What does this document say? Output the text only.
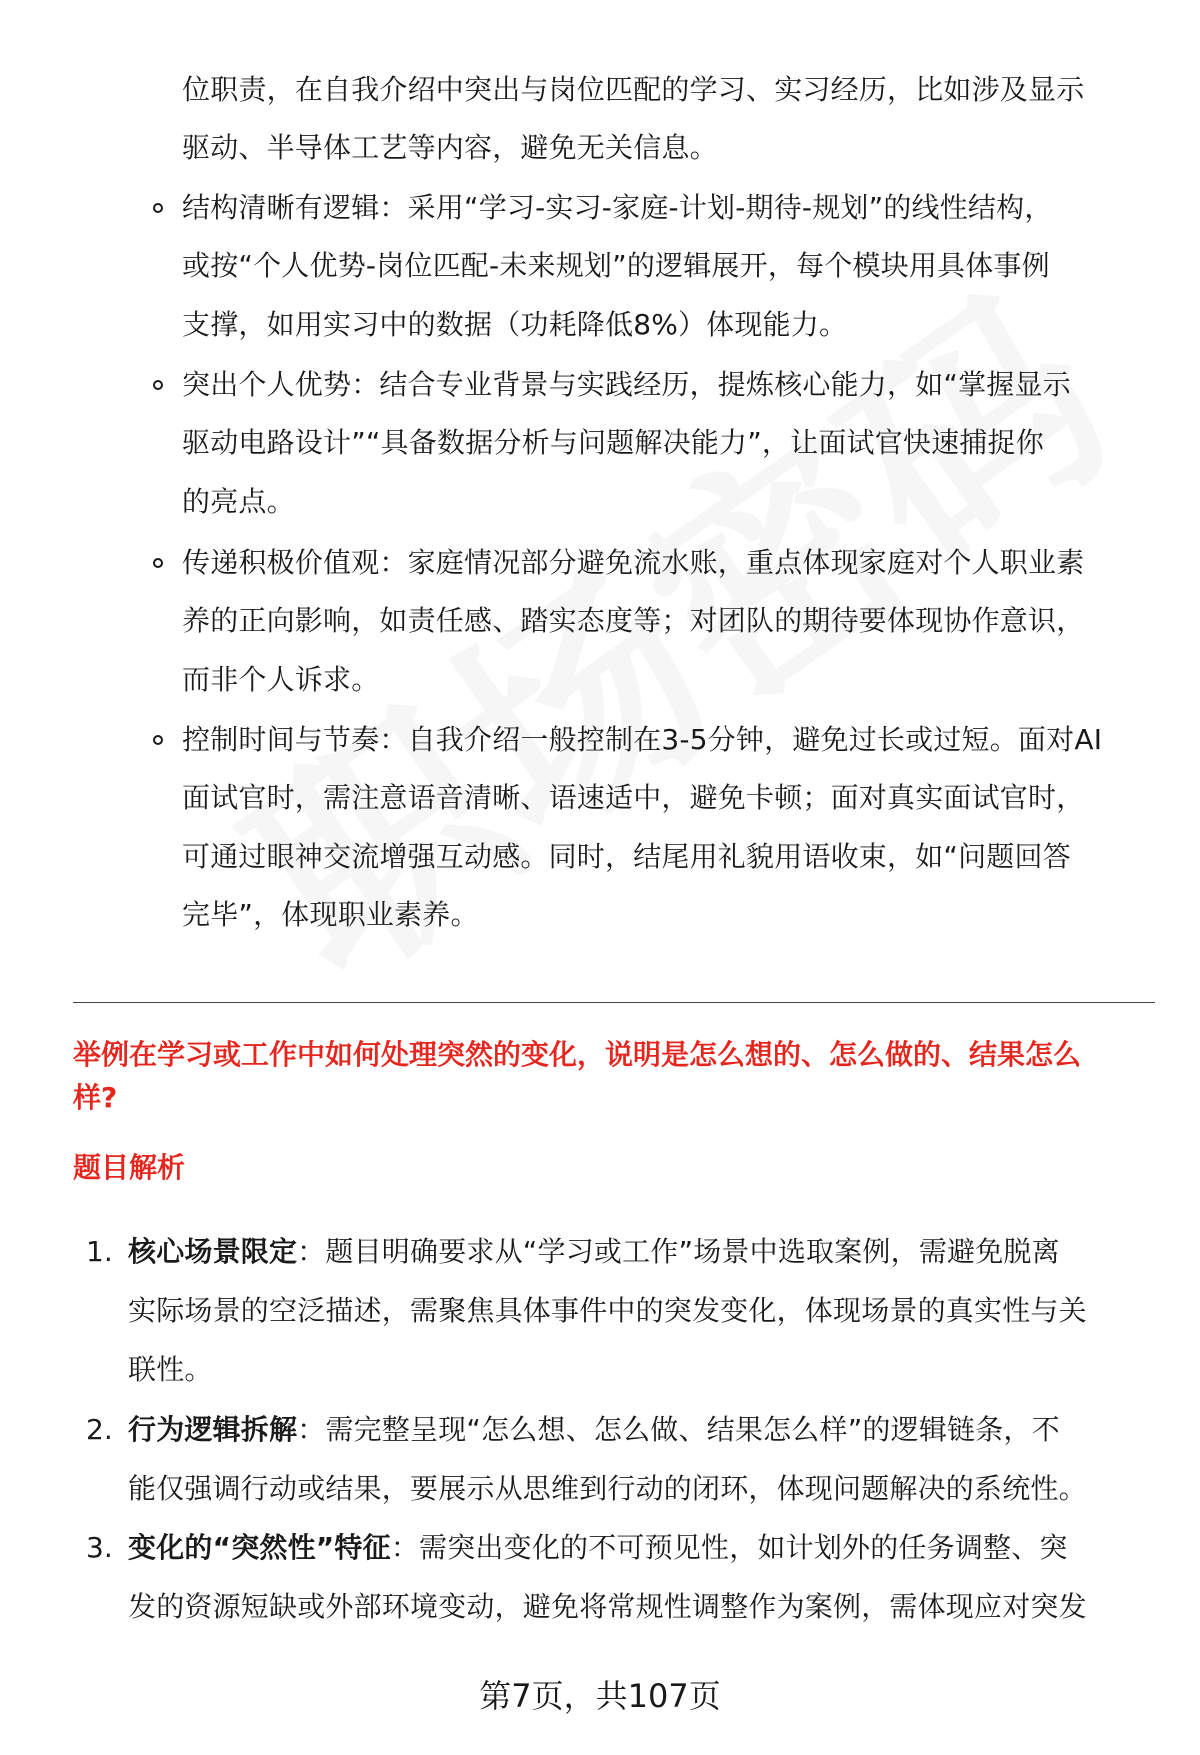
位职责，在自我介绍中突出与岗位匹配的学习、实习经历，比如涉及显示
驱动、半导体工艺等内容，避免无关信息。
结构清晰有逻辑：采用“学习-实习-家庭-计划-期待-规划”的线性结构，
或按“个人优势-岗位匹配-未来规划”的逻辑展开，每个模块用具体事例
支撑，如用实习中的数据（功耗降低8%）体现能力。
突出个人优势：结合专业背景与实践经历，提炼核心能力，如“掌握显示
驱动电路设计”“具备数据分析与问题解决能力”，让面试官快速捕捉你
的亮点。
传递积极价值观：家庭情况部分避免流水账，重点体现家庭对个人职业素
养的正向影响，如责任感、踏实态度等；对团队的期待要体现协作意识，
而非个人诉求。
控制时间与节奏：自我介绍一般控制在3-5分钟，避免过长或过短。面对AI
面试官时，需注意语音清晰、语速适中，避免卡顿；面对真实面试官时，
可通过眼神交流增强互动感。同时，结尾用礼貌用语收束，如“问题回答
完毕”，体现职业素养。
举例在学习或工作中如何处理突然的变化，说明是怎么想的、怎么做的、结果怎么
样?
题目解析
1. 核心场景限定：题目明确要求从“学习或工作”场景中选取案例，需避免脱离
实际场景的空泛描述，需聚焦具体事件中的突发变化，体现场景的真实性与关
联性。
2. 行为逻辑拆解：需完整呈现“怎么想、怎么做、结果怎么样”的逻辑链条，不
能仅强调行动或结果，要展示从思维到行动的闭环，体现问题解决的系统性。
3. 变化的“突然性”特征：需突出变化的不可预见性，如计划外的任务调整、突
发的资源短缺或外部环境变动，避免将常规性调整作为案例，需体现应对突发
第7页，共107页
